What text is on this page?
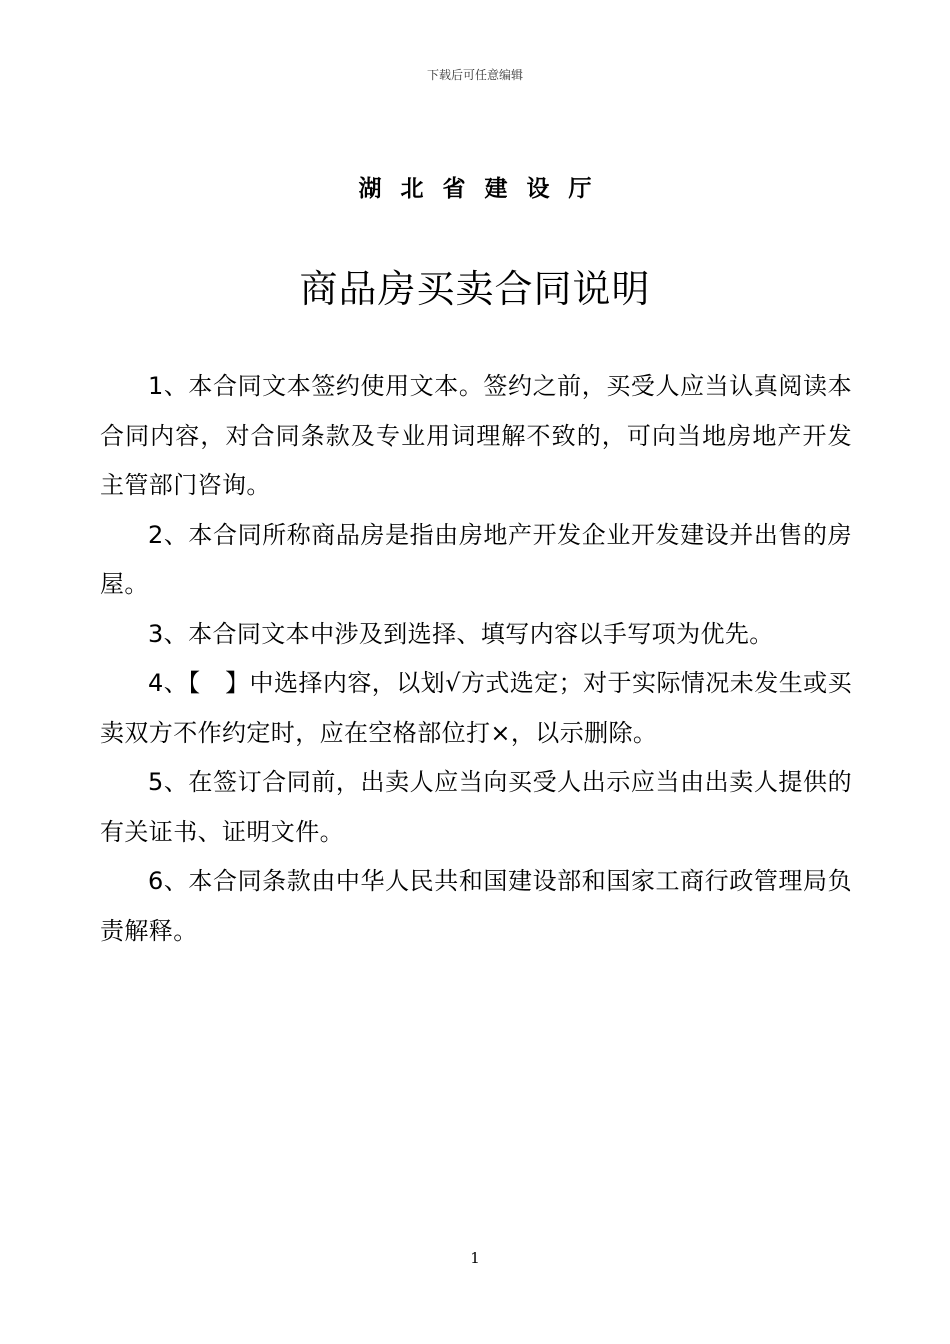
下载后可任意编辑
湖北省建设厅
商品房买卖合同说明

1、本合同文本签约使用文本。签约之前，买受人应当认真阅读本合同内容，对合同条款及专业用词理解不致的，可向当地房地产开发主管部门咨询。

2、本合同所称商品房是指由房地产开发企业开发建设并出售的房屋。

3、本合同文本中涉及到选择、填写内容以手写项为优先。

4、【　】中选择内容，以划√方式选定；对于实际情况未发生或买卖双方不作约定时，应在空格部位打×，以示删除。

5、在签订合同前，出卖人应当向买受人出示应当由出卖人提供的有关证书、证明文件。

6、本合同条款由中华人民共和国建设部和国家工商行政管理局负责解释。

1
